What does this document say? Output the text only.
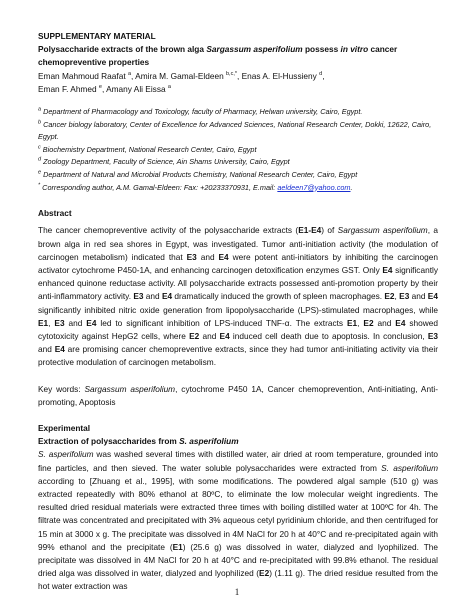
SUPPLEMENTARY MATERIAL

Polysaccharide extracts of the brown alga Sargassum asperifolium possess in vitro cancer chemopreventive properties

Eman Mahmoud Raafat $^a$, Amira M. Gamal-Eldeen $^{b,c,*}$, Enas A. El-Hussieny $^d$,
Eman F. Ahmed $^e$, Amany Ali Eissa $^a$

$^a$ Department of Pharmacology and Toxicology, faculty of Pharmacy, Helwan university, Cairo, Egypt.

$^b$ Cancer biology laboratory, Center of Excellence for Advanced Sciences, National Research Center, Dokki, 12622, Cairo, Egypt.

$^c$ Biochemistry Department, National Research Center, Cairo, Egypt

$^d$ Zoology Department, Faculty of Science, Ain Shams University, Cairo, Egypt

$^e$ Department of Natural and Microbial Products Chemistry, National Research Center, Cairo, Egypt

* Corresponding author, A.M. Gamal-Eldeen: Fax: +20233370931, E.mail: aeldeen7@yahoo.com.

Abstract

The cancer chemopreventive activity of the polysaccharide extracts (E1-E4) of Sargassum asperifolium, a brown alga in red sea shores in Egypt, was investigated. Tumor anti-initiation activity (the modulation of carcinogen metabolism) indicated that E3 and E4 were potent anti-initiators by inhibiting the carcinogen activator cytochrome P450-1A, and enhancing carcinogen detoxification enzymes GST. Only E4 significantly enhanced quinone reductase activity. All polysaccharide extracts possessed anti-promotion property by their anti-inflammatory activity. E3 and E4 dramatically induced the growth of spleen macrophages. E2, E3 and E4 significantly inhibited nitric oxide generation from lipopolysaccharide (LPS)-stimulated macrophages, while E1, E3 and E4 led to significant inhibition of LPS-induced TNF-α. The extracts E1, E2 and E4 showed cytotoxicity against HepG2 cells, where E2 and E4 induced cell death due to apoptosis. In conclusion, E3 and E4 are promising cancer chemopreventive extracts, since they had tumor anti-initiating activity via their protective modulation of carcinogen metabolism.

Key words: Sargassum asperifolium, cytochrome P450 1A, Cancer chemoprevention, Anti-initiating, Anti-promoting, Apoptosis

Experimental

Extraction of polysaccharides from S. asperifolium

S. asperifolium was washed several times with distilled water, air dried at room temperature, grounded into fine particles, and then sieved. The water soluble polysaccharides were extracted from S. asperifolium according to [Zhuang et al., 1995], with some modifications. The powdered algal sample (510 g) was extracted repeatedly with 80% ethanol at 80ºC, to eliminate the low molecular weight ingredients. The resulted dried residual materials were extracted three times with boiling distilled water at 100ºC for 4h. The filtrate was concentrated and precipitated with 3% aqueous cetyl pyridinium chloride, and then centrifuged for 15 min at 3000 x g. The precipitate was dissolved in 4M NaCl for 20 h at 40°C and re-precipitated again with 99% ethanol and the precipitate (E1) (25.6 g) was dissolved in water, dialyzed and lyophilized. The precipitate was dissolved in 4M NaCl for 20 h at 40°C and re-precipitated with 99.8% ethanol. The residual dried alga was dissolved in water, dialyzed and lyophilized (E2) (1.11 g). The dried residue resulted from the hot water extraction was

1
